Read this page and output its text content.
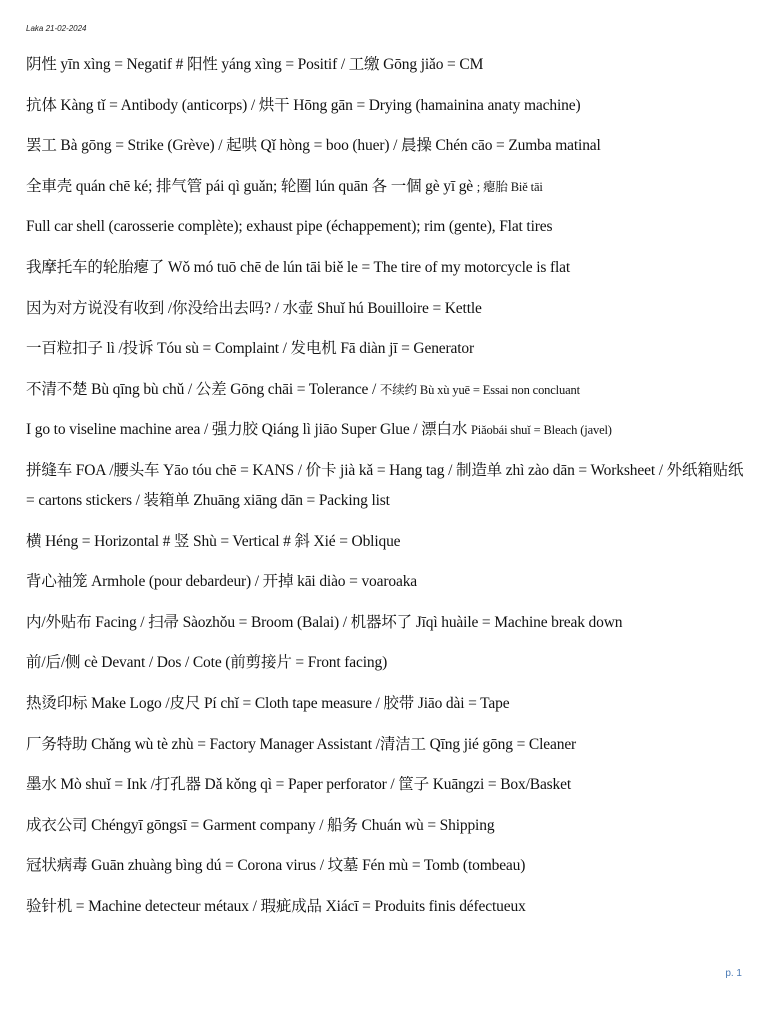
Laka 21-02-2024
阴性 yīn xìng = Negatif # 阳性 yáng xìng = Positif / 工缴 Gōng jiǎo = CM
抗体 Kàng tǐ = Antibody (anticorps) / 烘干 Hōng gān = Drying (hamainina anaty machine)
罢工 Bà gōng = Strike (Grève) / 起哄 Qǐ hòng = boo (huer) / 晨操 Chén cāo = Zumba matinal
全車壳 quán chē ké; 排气管 pái qì guǎn; 轮圈 lún quān 各 一個 gè yī gè ; 瘪胎 Biě tāi
Full car shell (carosserie complète); exhaust pipe (échappement); rim (gente), Flat tires
我摩托车的轮胎瘪了 Wǒ mó tuō chē de lún tāi biě le = The tire of my motorcycle is flat
因为对方说没有收到 /你没给出去吗? / 水壶 Shuǐ hú Bouilloire = Kettle
一百粒扣子 lì /投诉 Tóu sù = Complaint / 发电机 Fā diàn jī = Generator
不清不楚 Bù qīng bù chǔ / 公差 Gōng chāi = Tolerance / 不续约 Bù xù yuē = Essai non concluant
I go to viseline machine area / 强力胶 Qiáng lì jiāo Super Glue / 漂白水 Piǎobái shuǐ = Bleach (javel)
拼缝车 FOA /腰头车 Yāo tóu chē = KANS / 价卡 jià kǎ = Hang tag / 制造单 zhì zào dān = Worksheet / 外纸箱贴纸 = cartons stickers / 装箱单 Zhuāng xiāng dān = Packing list
横 Héng = Horizontal # 竖 Shù = Vertical # 斜 Xié = Oblique
背心袖笼 Armhole (pour debardeur) / 开掉 kāi diào = voaroaka
内/外贴布 Facing / 扫帚 Sàozhǒu = Broom (Balai) / 机器坏了 Jīqì huàile = Machine break down
前/后/侧 cè Devant / Dos / Cote (前剪接片 = Front facing)
热烫印标 Make Logo /皮尺 Pí chǐ = Cloth tape measure / 胶带 Jiāo dài = Tape
厂务特助 Chǎng wù tè zhù = Factory Manager Assistant /清洁工 Qīng jié gōng = Cleaner
墨水 Mò shuǐ = Ink /打孔器 Dǎ kǒng qì = Paper perforator / 筐子 Kuāngzi = Box/Basket
成衣公司 Chéngyī gōngsī = Garment company / 船务 Chuán wù = Shipping
冠状病毒 Guān zhuàng bìng dú = Corona virus / 坟墓 Fén mù = Tomb (tombeau)
验针机 = Machine detecteur métaux / 瑕疵成品 Xiácī = Produits finis défectueux
p. 1
